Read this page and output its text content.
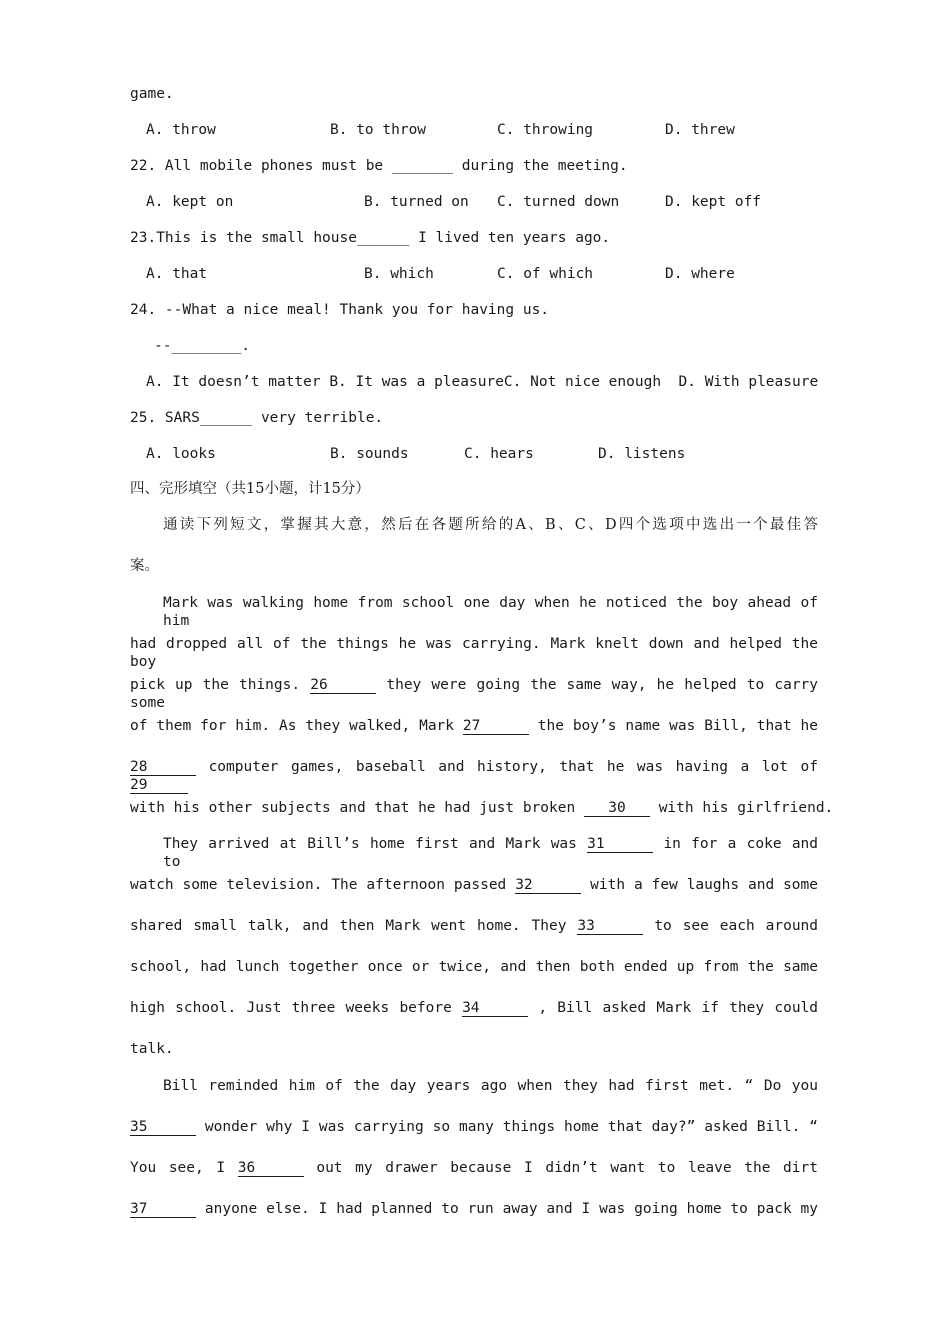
game.
A. throw	B. to throw	C. throwing	D. threw
22. All mobile phones must be _______ during the meeting.
A. kept on	B. turned on C. turned down	D. kept off
23.This is the small house______ I lived ten years ago.
A. that	B. which	C. of which	D. where
24. --What a nice meal! Thank you for having us.
--________.
A. It doesn’t matter B. It was a pleasureC. Not nice enough  D. With pleasure
25. SARS______ very terrible.
A. looks	B. sounds	C. hears	D. listens
四、完形填空（共15小题，计15分）
通读下列短文，掌握其大意，然后在各题所给的A、B、C、D四个选项中选出一个最佳答
案。
Mark was walking home from school one day when he noticed the boy ahead of him
had dropped all of the things he was carrying. Mark knelt down and helped the boy
pick up the things. 26	they were going the same way, he helped to carry some
of them for him. As they walked, Mark 27	the boy’s name was Bill, that he
28	computer games, baseball and history, that he was having a lot of 29
with his other subjects and that he had just broken 30 with his girlfriend.
They arrived at Bill’s home first and Mark was 31	in for a coke and to
watch some television. The afternoon passed 32	with a few laughs and some
shared small talk, and then Mark went home. They 33	to see each around
school, had lunch together once or twice, and then both ended up from the same
high school. Just three weeks before 34	, Bill asked Mark if they could
talk.
Bill reminded him of the day years ago when they had first met. “ Do you
35	wonder why I was carrying so many things home that day?” asked Bill. “
You see, I 36	out my drawer because I didn’t want to leave the dirt
37	anyone else. I had planned to run away and I was going home to pack my
